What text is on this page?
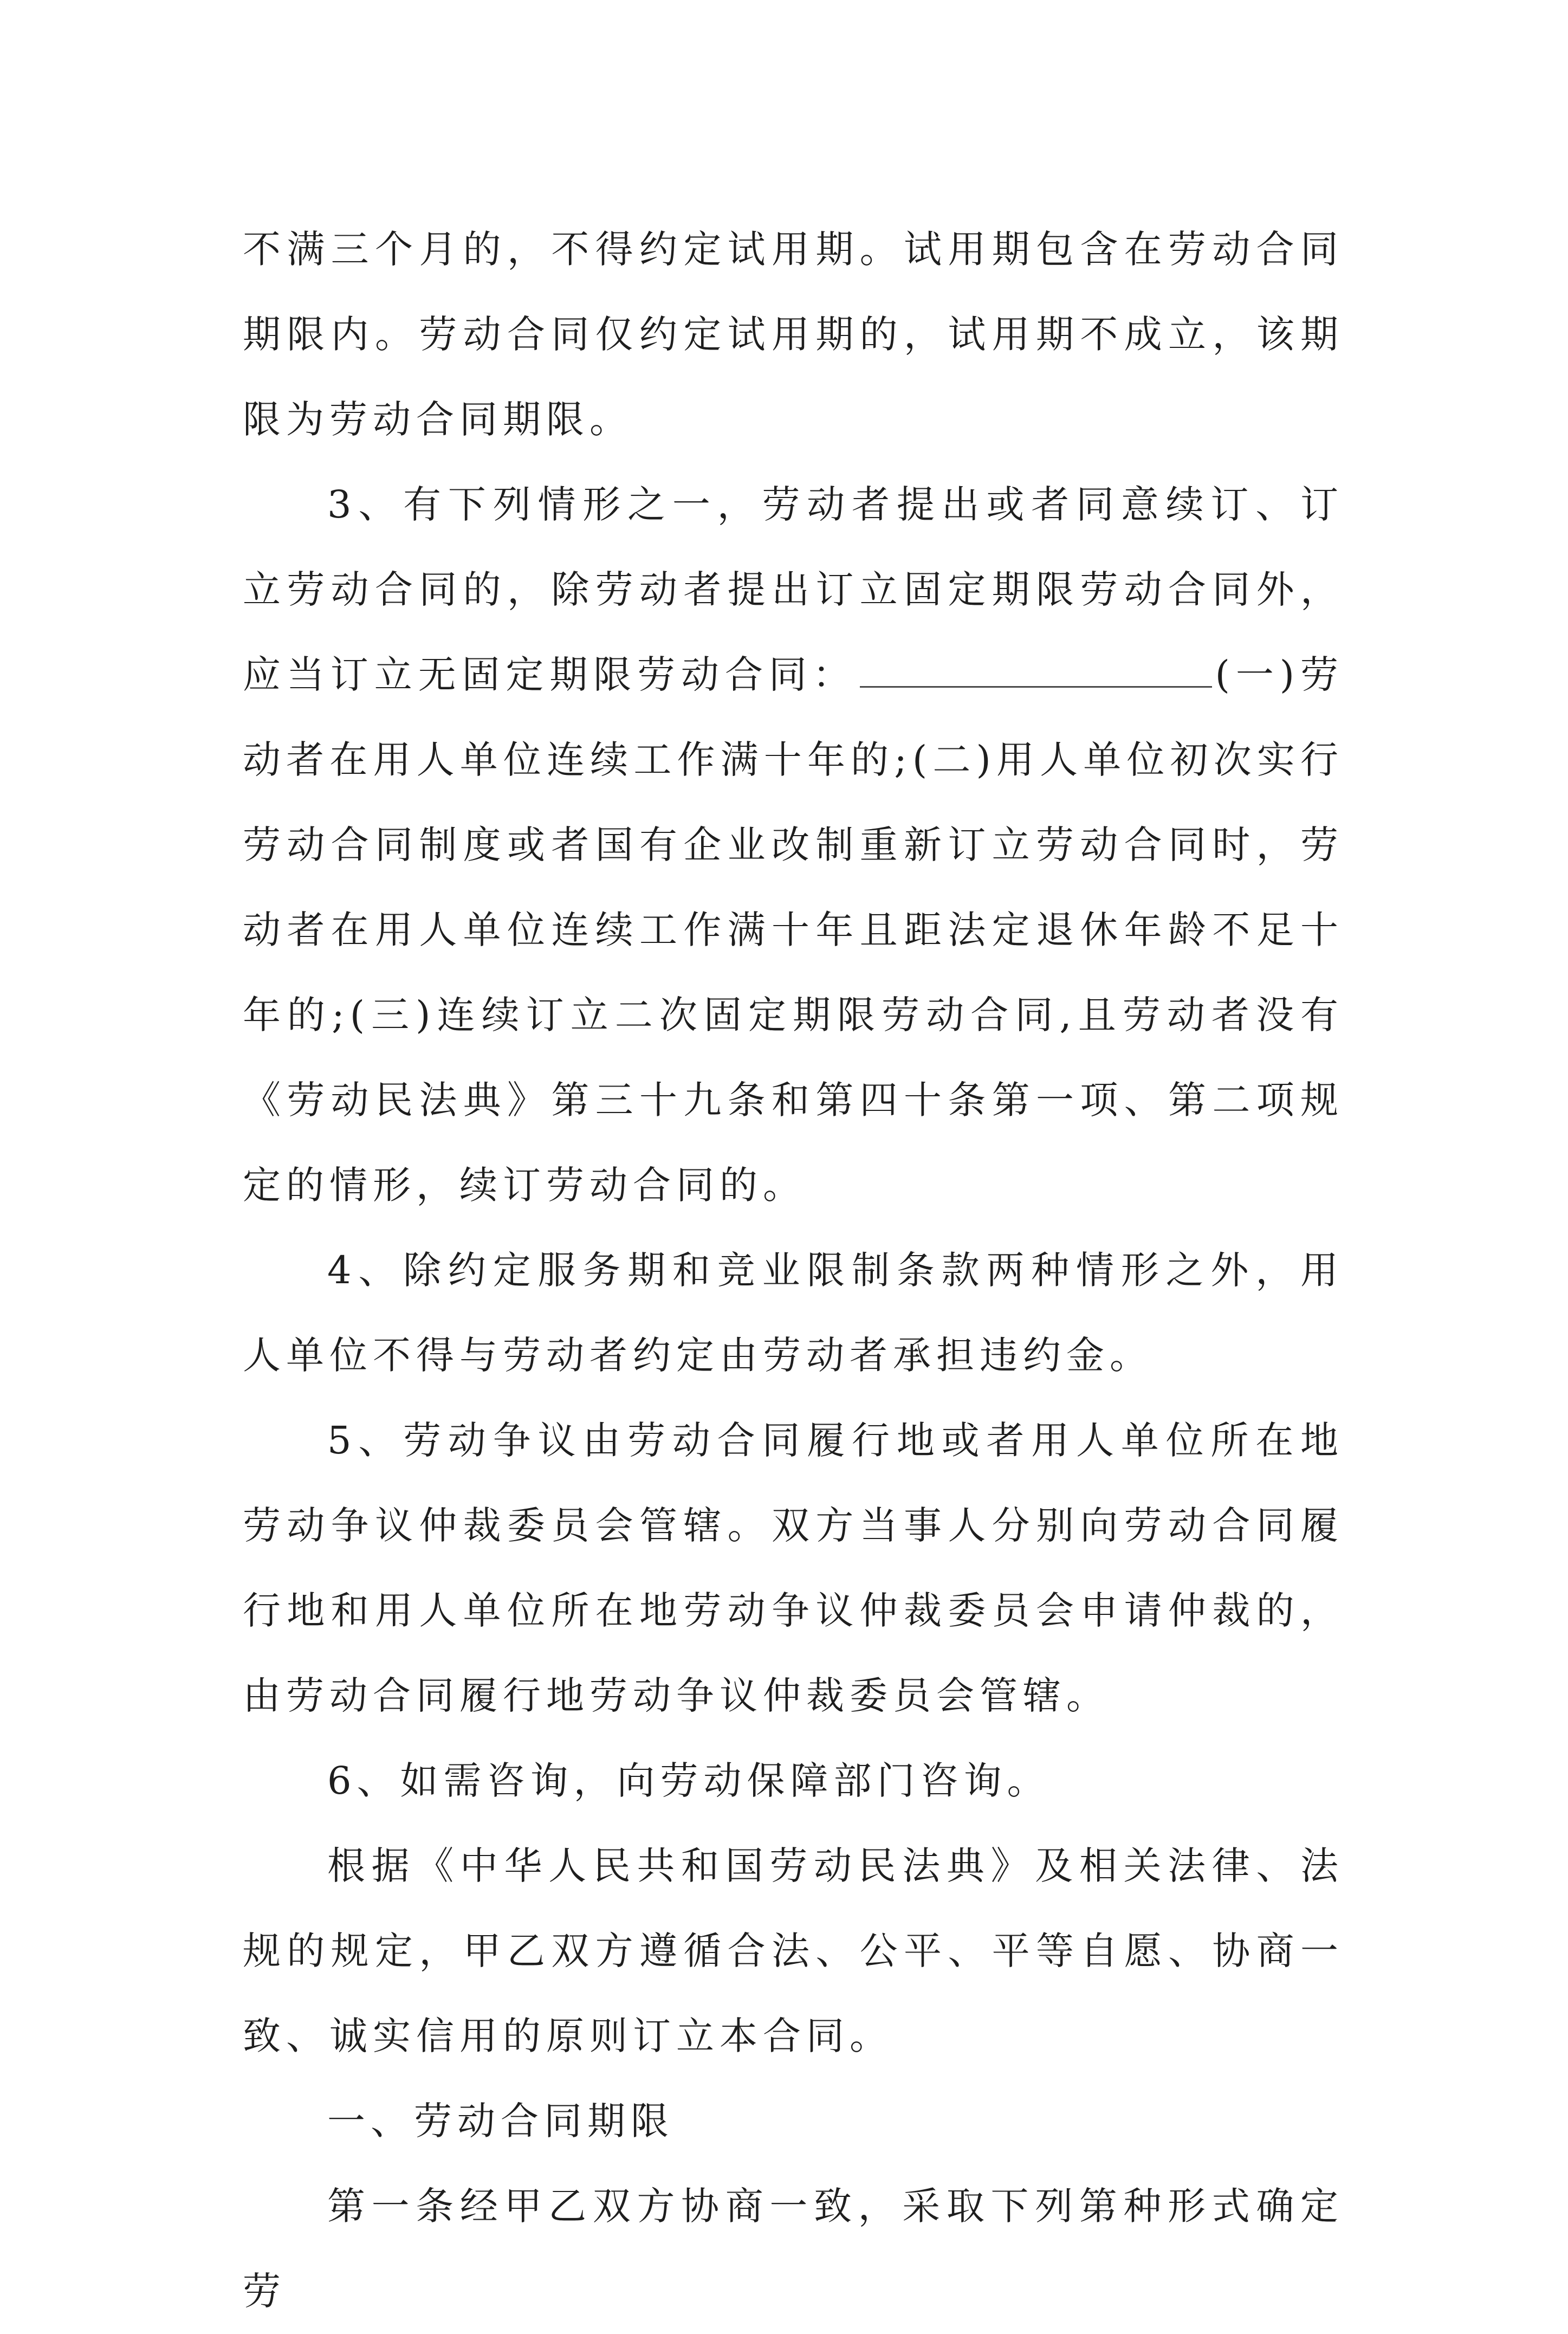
不满三个月的，不得约定试用期。试用期包含在劳动合同期限内。劳动合同仅约定试用期的，试用期不成立，该期限为劳动合同期限。

3、有下列情形之一，劳动者提出或者同意续订、订立劳动合同的，除劳动者提出订立固定期限劳动合同外，应当订立无固定期限劳动合同：	(一)劳动者在用人单位连续工作满十年的;(二)用人单位初次实行劳动合同制度或者国有企业改制重新订立劳动合同时，劳动者在用人单位连续工作满十年且距法定退休年龄不足十年的;(三)连续订立二次固定期限劳动合同,且劳动者没有《劳动民法典》第三十九条和第四十条第一项、第二项规定的情形，续订劳动合同的。

4、除约定服务期和竞业限制条款两种情形之外，用人单位不得与劳动者约定由劳动者承担违约金。

5、劳动争议由劳动合同履行地或者用人单位所在地劳动争议仲裁委员会管辖。双方当事人分别向劳动合同履行地和用人单位所在地劳动争议仲裁委员会申请仲裁的，由劳动合同履行地劳动争议仲裁委员会管辖。

6、如需咨询，向劳动保障部门咨询。

根据《中华人民共和国劳动民法典》及相关法律、法规的规定，甲乙双方遵循合法、公平、平等自愿、协商一致、诚实信用的原则订立本合同。

一、劳动合同期限

第一条经甲乙双方协商一致，采取下列第种形式确定劳
